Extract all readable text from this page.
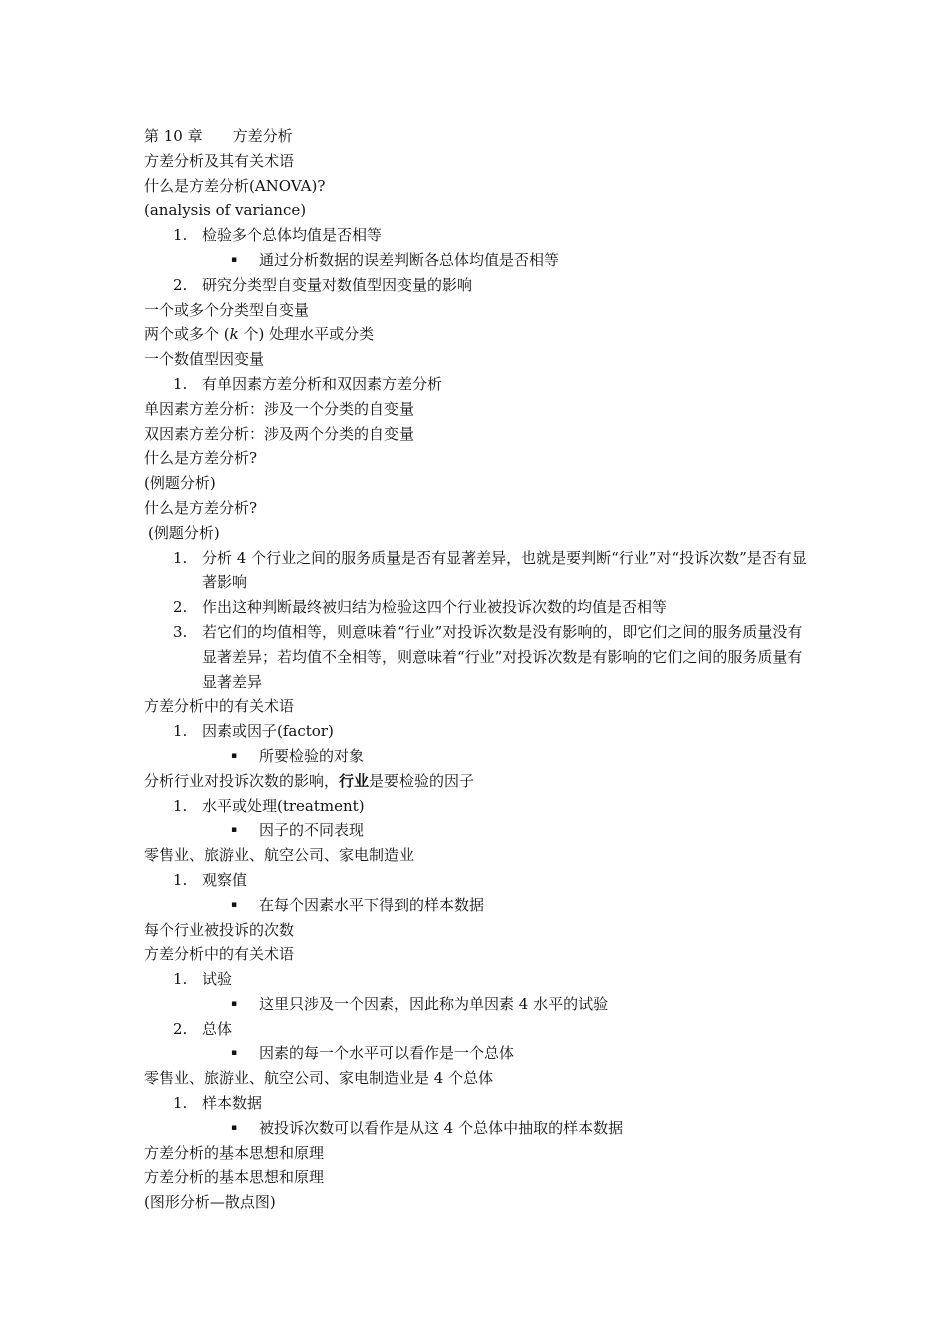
第 10 章　　方差分析
方差分析及其有关术语
什么是方差分析(ANOVA)?
(analysis of variance)
1. 检验多个总体均值是否相等
▪ 通过分析数据的误差判断各总体均值是否相等
2. 研究分类型自变量对数值型因变量的影响
一个或多个分类型自变量
两个或多个 (k 个) 处理水平或分类
一个数值型因变量
1. 有单因素方差分析和双因素方差分析
单因素方差分析：涉及一个分类的自变量
双因素方差分析：涉及两个分类的自变量
什么是方差分析?
(例题分析)
什么是方差分析?
(例题分析)
1. 分析 4 个行业之间的服务质量是否有显著差异，也就是要判断“行业”对“投诉次数”是否有显著影响
2. 作出这种判断最终被归结为检验这四个行业被投诉次数的均值是否相等
3. 若它们的均值相等，则意味着“行业”对投诉次数是没有影响的，即它们之间的服务质量没有显著差异；若均值不全相等，则意味着“行业”对投诉次数是有影响的它们之间的服务质量有显著差异
方差分析中的有关术语
1. 因素或因子(factor)
▪ 所要检验的对象
分析行业对投诉次数的影响，行业是要检验的因子
1. 水平或处理(treatment)
▪ 因子的不同表现
零售业、旅游业、航空公司、家电制造业
1. 观察值
▪ 在每个因素水平下得到的样本数据
每个行业被投诉的次数
方差分析中的有关术语
1. 试验
▪ 这里只涉及一个因素，因此称为单因素 4 水平的试验
2. 总体
▪ 因素的每一个水平可以看作是一个总体
零售业、旅游业、航空公司、家电制造业是 4 个总体
1. 样本数据
▪ 被投诉次数可以看作是从这 4 个总体中抽取的样本数据
方差分析的基本思想和原理
方差分析的基本思想和原理
(图形分析—散点图)
